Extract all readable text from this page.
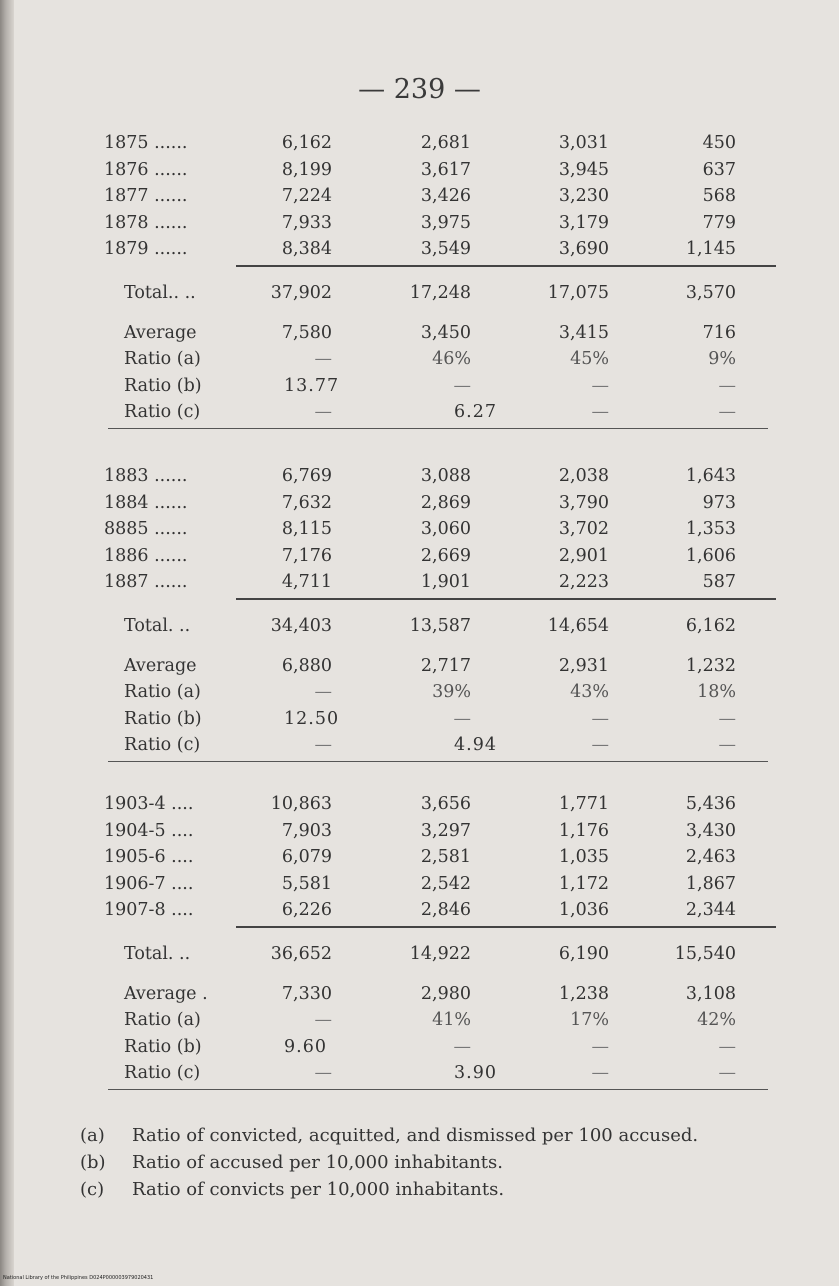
— 239 —
1875 ......	6,162	2,681	3,031	450
1876 ......	8,199	3,617	3,945	637
1877 ......	7,224	3,426	3,230	568
1878 ......	7,933	3,975	3,179	779
1879 ......	8,384	3,549	3,690	1,145
Total.. ..	37,902	17,248	17,075	3,570
Average	7,580	3,450	3,415	716
Ratio (a)	—	46%	45%	9%
Ratio (b)	13.77	—	—	—
Ratio (c)	—	6.27	—	—
1883 ......	6,769	3,088	2,038	1,643
1884 ......	7,632	2,869	3,790	973
8885 ......	8,115	3,060	3,702	1,353
1886 ......	7,176	2,669	2,901	1,606
1887 ......	4,711	1,901	2,223	587
Total. ..	34,403	13,587	14,654	6,162
Average	6,880	2,717	2,931	1,232
Ratio (a)	—	39%	43%	18%
Ratio (b)	12.50	—	—	—
Ratio (c)	—	4.94	—	—
1903-4 ....	10,863	3,656	1,771	5,436
1904-5 ....	7,903	3,297	1,176	3,430
1905-6 ....	6,079	2,581	1,035	2,463
1906-7 ....	5,581	2,542	1,172	1,867
1907-8 ....	6,226	2,846	1,036	2,344
Total. ..	36,652	14,922	6,190	15,540
Average .	7,330	2,980	1,238	3,108
Ratio (a)	—	41%	17%	42%
Ratio (b)	9.60	—	—	—
Ratio (c)	—	3.90	—	—
(a) Ratio of convicted, acquitted, and dismissed per 100 accused.
(b) Ratio of accused per 10,000 inhabitants.
(c) Ratio of convicts per 10,000 inhabitants.
National Library of the Philippines D024P000003979020431
